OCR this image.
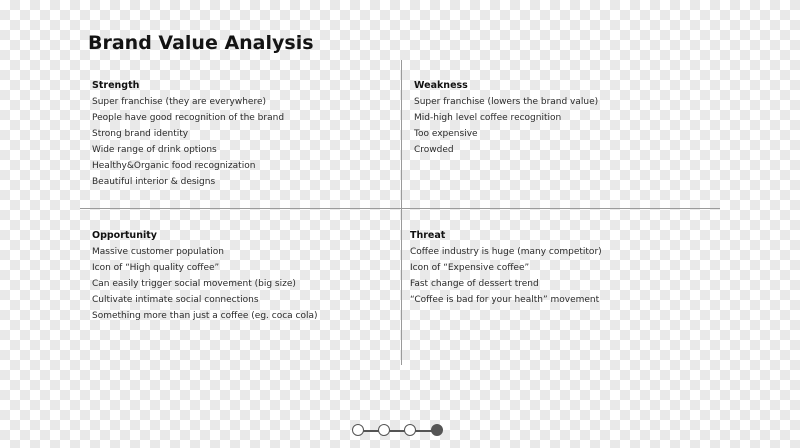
Brand Value Analysis
Strength
Super franchise (they are everywhere)
People have good recognition of the brand
Strong brand identity
Wide range of drink options
Healthy&Organic food recognization
Beautiful interior & designs
Weakness
Super franchise (lowers the brand value)
Mid-high level coffee recognition
Too expensive
Crowded
Opportunity
Massive customer population
Icon of “High quality coffee”
Can easily trigger social movement (big size)
Cultivate intimate social connections
Something more than just a coffee (eg. coca cola)
Threat
Coffee industry is huge (many competitor)
Icon of “Expensive coffee”
Fast change of dessert trend
“Coffee is bad for your health” movement
